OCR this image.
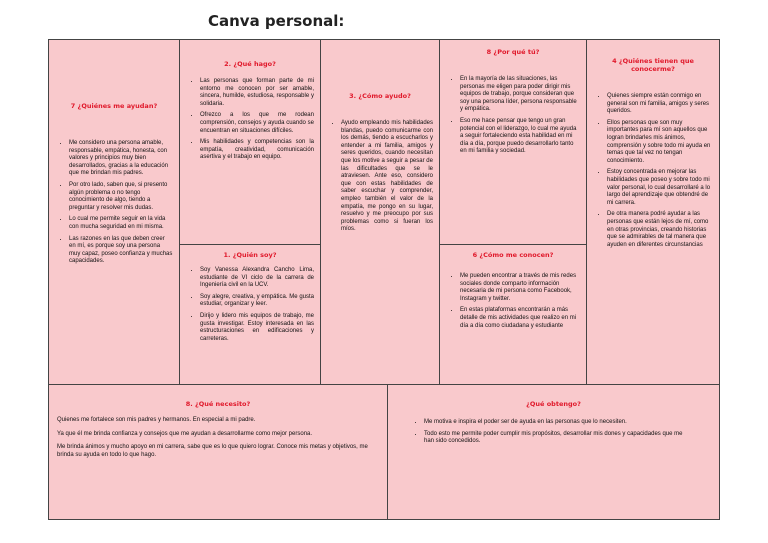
Canva personal:

7 ¿Quiénes me ayudan?

• Me considero una persona amable, responsable, empática, honesta, con valores y principios muy bien desarrollados, gracias a la educación que me brindan mis padres.
• Por otro lado, saben que, si presento algún problema o no tengo conocimiento de algo, tiendo a preguntar y resolver mis dudas.
• Lo cual me permite seguir en la vida con mucha seguridad en mi misma.
• Las razones en las que deben creer en mí, es porque soy una persona muy capaz, poseo confianza y muchas capacidades.

2. ¿Qué hago?

• Las personas que forman parte de mi entorno me conocen por ser amable, sincera, humilde, estudiosa, responsable y solidaria.
• Ofrezco a los que me rodean comprensión, consejos y ayuda cuando se encuentran en situaciones difíciles.
• Mis habilidades y competencias son la empatía, creatividad, comunicación asertiva y el trabajo en equipo.

1. ¿Quién soy?

• Soy Vanessa Alexandra Cancho Lima, estudiante de VI ciclo de la carrera de Ingeniería civil en la UCV.
• Soy alegre, creativa, y empática. Me gusta estudiar, organizar y leer.
• Dirijo y lidero mis equipos de trabajo, me gusta investigar. Estoy interesada en las estructuraciones en edificaciones y carreteras.

3. ¿Cómo ayudo?

• Ayudo empleando mis habilidades blandas, puedo comunicarme con los demás, tiendo a escucharlos y entender a mi familia, amigos y seres queridos, cuando necesitan que los motive a seguir a pesar de las dificultades que se le atraviesen. Ante eso, considero que con estas habilidades de saber escuchar y comprender, empleo también el valor de la empatía, me pongo en su lugar, resuelvo y me preocupo por sus problemas como si fueran los míos.

8 ¿Por qué tú?

• En la mayoría de las situaciones, las personas me eligen para poder dirigir mis equipos de trabajo, porque consideran que soy una persona líder, persona responsable y empática.
• Eso me hace pensar que tengo un gran potencial con el liderazgo, lo cual me ayuda a seguir fortaleciendo esta habilidad en mi día a día, porque puedo desarrollarlo tanto en mi familia y sociedad.

6 ¿Cómo me conocen?

• Me pueden encontrar a través de mis redes sociales donde comparto información necesaria de mi persona como Facebook, Instagram y twitter.
• En estas plataformas encontrarán a más detalle de mis actividades que realizo en mi día a día como ciudadana y estudiante

4 ¿Quiénes tienen que conocerme?

• Quienes siempre están conmigo en general son mi familia, amigos y seres queridos.
• Ellos personas que son muy importantes para mí son aquellos que logran brindarles mis ánimos, comprensión y sobre todo mi ayuda en temas que tal vez no tengan conocimiento.
• Estoy concentrada en mejorar las habilidades que poseo y sobre todo mi valor personal, lo cual desarrollaré a lo largo del aprendizaje que obtendré de mi carrera.
• De otra manera podré ayudar a las personas que están lejos de mí, como en otras provincias, creando historias que se admirables de tal manera que ayuden en diferentes circunstancias

8. ¿Qué necesito?

Quienes me fortalece son mis padres y hermanos. En especial a mi padre.

Ya que él me brinda confianza y consejos que me ayudan a desarrollarme como mejor persona.

Me brinda ánimos y mucho apoyo en mi carrera, sabe que es lo que quiero lograr. Conoce mis metas y objetivos, me brinda su ayuda en todo lo que hago.

¿Qué obtengo?

• Me motiva e inspira el poder ser de ayuda en las personas que lo necesiten.
• Todo esto me permite poder cumplir mis propósitos, desarrollar mis dones y capacidades que me han sido concedidos.
